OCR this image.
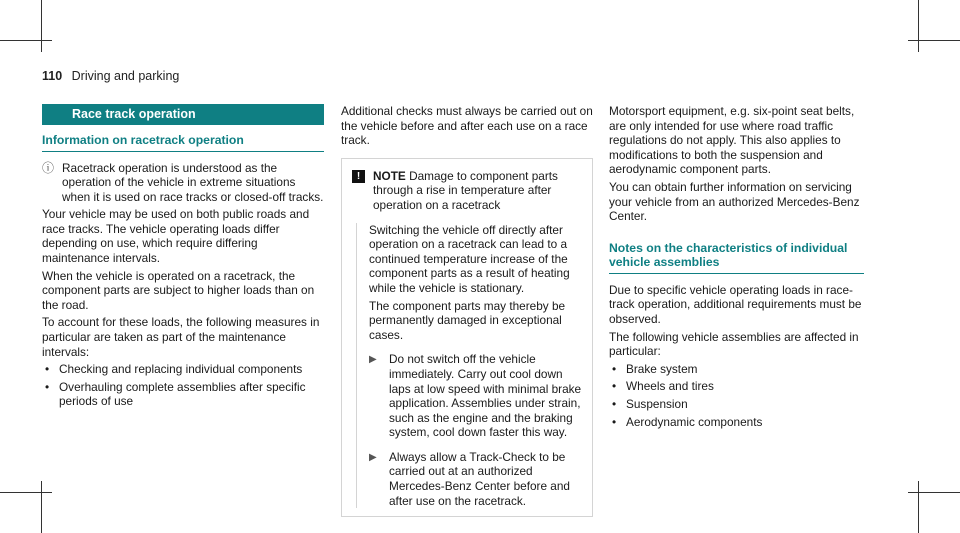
110 Driving and parking
Race track operation
Information on racetrack operation
ⓘ Racetrack operation is understood as the operation of the vehicle in extreme situations when it is used on race tracks or closed-off tracks.

Your vehicle may be used on both public roads and race tracks. The vehicle operating loads differ depending on use, which require differing maintenance intervals.

When the vehicle is operated on a racetrack, the component parts are subject to higher loads than on the road.

To account for these loads, the following measures in particular are taken as part of the maintenance intervals:

• Checking and replacing individual components
• Overhauling complete assemblies after specific periods of use

Additional checks must always be carried out on the vehicle before and after each use on a race track.

!	NOTE Damage to component parts through a rise in temperature after operation on a racetrack

Switching the vehicle off directly after operation on a racetrack can lead to a continued temperature increase of the component parts as a result of heating while the vehicle is stationary.

The component parts may thereby be permanently damaged in exceptional cases.

▶	Do not switch off the vehicle immediately. Carry out cool down laps at low speed with minimal brake application. Assemblies under strain, such as the engine and the braking system, cool down faster this way.
▶	Always allow a Track-Check to be carried out at an authorized Mercedes-Benz Center before and after use on the racetrack.

Motorsport equipment, e.g. six-point seat belts, are only intended for use where road traffic regulations do not apply. This also applies to modifications to both the suspension and aerodynamic component parts.

You can obtain further information on servicing your vehicle from an authorized Mercedes-Benz Center.

Notes on the characteristics of individual vehicle assemblies

Due to specific vehicle operating loads in race-track operation, additional requirements must be observed.

The following vehicle assemblies are affected in particular:

• Brake system
• Wheels and tires
• Suspension
• Aerodynamic components
